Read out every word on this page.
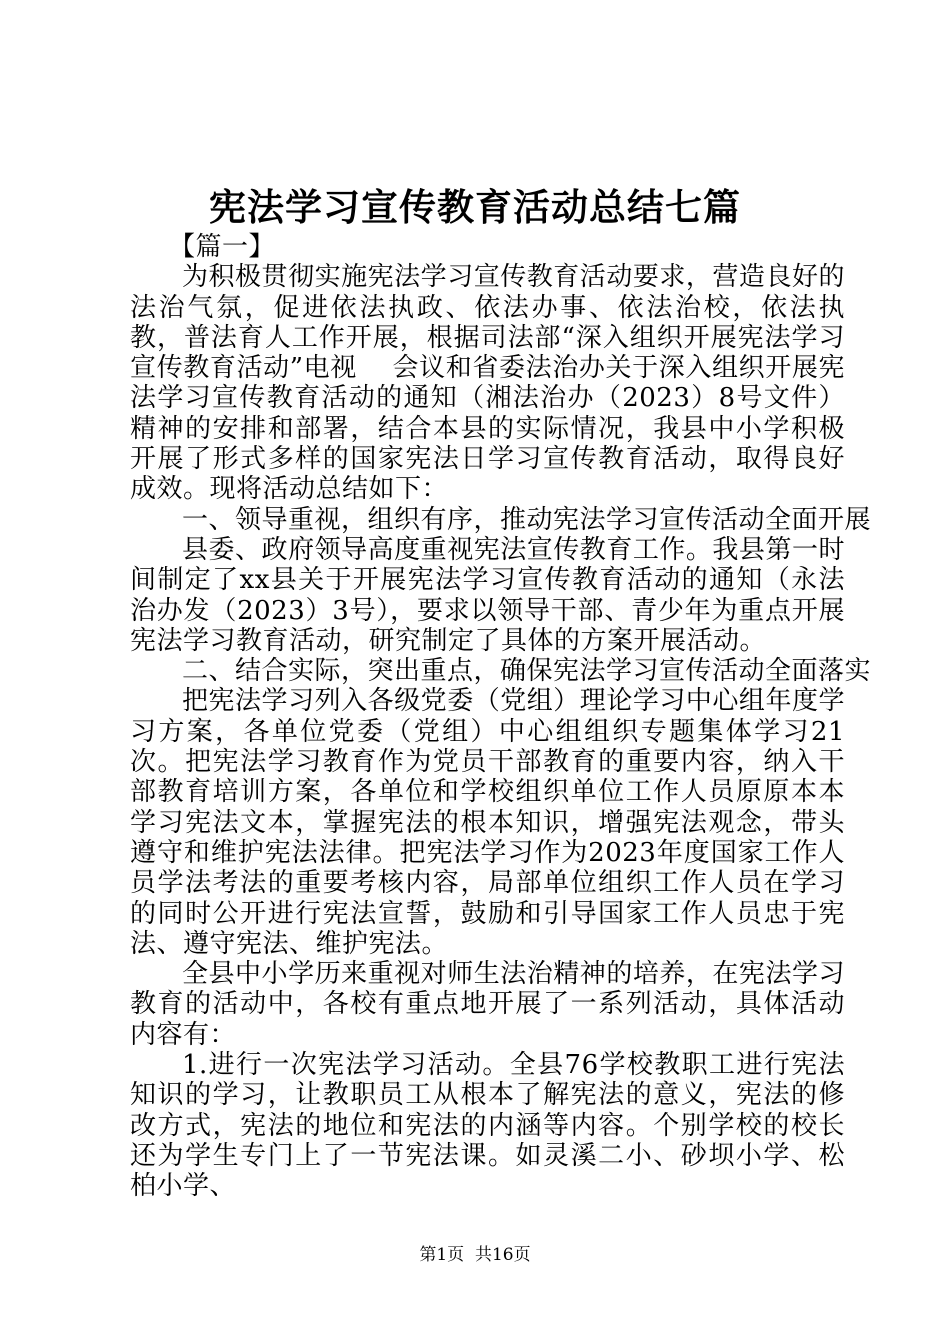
宪法学习宣传教育活动总结七篇

【篇一】

为积极贯彻实施宪法学习宣传教育活动要求，营造良好的法治气氛，促进依法执政、依法办事、依法治校，依法执教，普法育人工作开展，根据司法部“深入组织开展宪法学习宣传教育活动”电视　 会议和省委法治办关于深入组织开展宪法学习宣传教育活动的通知（湘法治办（2023）8号文件）精神的安排和部署，结合本县的实际情况，我县中小学积极开展了形式多样的国家宪法日学习宣传教育活动，取得良好成效。现将活动总结如下：

一、领导重视，组织有序，推动宪法学习宣传活动全面开展

县委、政府领导高度重视宪法宣传教育工作。我县第一时间制定了xx县关于开展宪法学习宣传教育活动的通知（永法治办发（2023）3号），要求以领导干部、青少年为重点开展宪法学习教育活动，研究制定了具体的方案开展活动。

二、结合实际，突出重点，确保宪法学习宣传活动全面落实

把宪法学习列入各级党委（党组）理论学习中心组年度学习方案，各单位党委（党组）中心组组织专题集体学习21次。把宪法学习教育作为党员干部教育的重要内容，纳入干部教育培训方案，各单位和学校组织单位工作人员原原本本学习宪法文本，掌握宪法的根本知识，增强宪法观念，带头遵守和维护宪法法律。把宪法学习作为2023年度国家工作人员学法考法的重要考核内容，局部单位组织工作人员在学习的同时公开进行宪法宣誓，鼓励和引导国家工作人员忠于宪法、遵守宪法、维护宪法。

全县中小学历来重视对师生法治精神的培养，在宪法学习教育的活动中，各校有重点地开展了一系列活动，具体活动内容有：

1.进行一次宪法学习活动。全县76学校教职工进行宪法知识的学习，让教职员工从根本了解宪法的意义，宪法的修改方式，宪法的地位和宪法的内涵等内容。个别学校的校长还为学生专门上了一节宪法课。如灵溪二小、砂坝小学、松柏小学、

第1页  共16页
